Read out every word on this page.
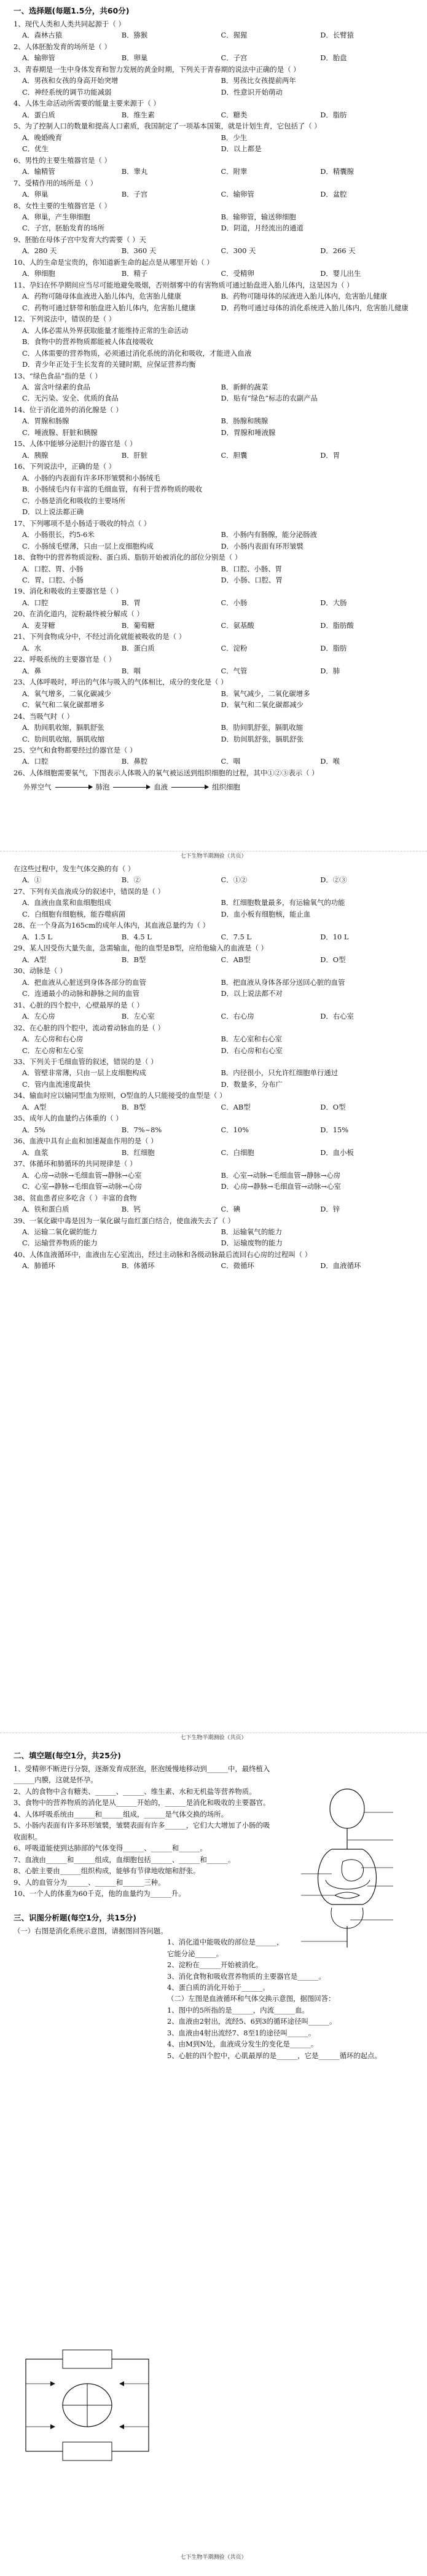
一、选择题(每题1.5分，共60分)
1、现代人类和人类共同起源于（ ）
A．森林古猿	B．猕猴	C．猩猩	D．长臂猿
2、人体胚胎发育的场所是（ ）
A．输卵管	B．卵巢	C．子宫	D．胎盘
3、青春期是一生中身体发育和智力发展的黄金时期，下列关于青春期的说法中正确的是（ ）
A．男孩和女孩的身高开始突增	B．男孩比女孩提前两年
C．神经系统的调节功能减弱	D．性意识开始萌动
4、人体生命活动所需要的能量主要来源于（ ）
A．蛋白质	B．维生素	C．糖类	D．脂肪
5、为了控制人口的数量和提高人口素质，我国制定了一项基本国策，就是计划生育，它包括了（ ）
A．晚婚晚育	B．少生
C．优生	D．以上都是
6、男性的主要生殖器官是（ ）
A．输精管	B．睾丸	C．附睾	D．精囊腺
7、受精作用的场所是（ ）
A．卵巢	B．子宫	C．输卵管	D．盆腔
8、女性主要的生殖器官是（ ）
A．卵巢，产生卵细胞	B．输卵管，输送卵细胞
C．子宫，胚胎发育的场所	D．阴道，月经流出的通道
9、胚胎在母体子宫中发育大约需要（ ）天
A．280 天	B．360 天	C．300 天	D．266 天
10、人的生命是宝贵的，你知道新生命的起点是从哪里开始（ ）
A．卵细胞	B．精子	C．受精卵	D．婴儿出生
11、孕妇在怀孕期间应当尽可能地避免吸烟，否则烟雾中的有害物质可通过胎盘进入胎儿体内，这是因为（ ）
A．药物可随母体血液进入胎儿体内，危害胎儿健康	B．药物可随母体的尿液进入胎儿体内，危害胎儿健康
C．药物可通过脐带和胎盘进入胎儿体内，危害胎儿健康	D．药物可通过母体的消化系统进入胎儿体内，危害胎儿健康
12、下列说法中，错误的是（ ）
A．人体必需从外界获取能量才能维持正常的生命活动
B．食物中的营养物质都能被人体直接吸收
C．人体需要的营养物质，必须通过消化系统的消化和吸收，才能进入血液
D．青少年正处于生长发育的关键时期，应保证营养均衡
13、“绿色食品”指的是（ ）
A．富含叶绿素的食品	B．新鲜的蔬菜
C．无污染、安全、优质的食品	D．贴有“绿色”标志的农副产品
14、位于消化道外的消化腺是（ ）
A．胃腺和肠腺	B．肠腺和胰腺
C．唾液腺、肝脏和胰腺	D．胃腺和唾液腺
15、人体中能够分泌胆汁的器官是（ ）
A．胰腺	B．肝脏	C．胆囊	D．胃
16、下列说法中，正确的是（ ）
A．小肠的内表面有许多环形皱襞和小肠绒毛
B．小肠绒毛内有丰富的毛细血管，有利于营养物质的吸收
C．小肠是消化和吸收的主要场所
D．以上说法都正确
17、下列哪项不是小肠适于吸收的特点（ ）
A．小肠很长，约5-6米	B．小肠内有肠腺，能分泌肠液
C．小肠绒毛壁薄，只由一层上皮细胞构成	D．小肠内表面有环形皱襞
18、食物中的营养物质淀粉、蛋白质、脂肪开始被消化的部位分别是（ ）
A．口腔、胃、小肠	B．口腔、小肠、胃
C．胃、口腔、小肠	D．小肠、口腔、胃
19、消化和吸收的主要器官是（ ）
A．口腔	B．胃	C．小肠	D．大肠
20、在消化道内，淀粉最终被分解成（ ）
A．麦芽糖	B．葡萄糖	C．氨基酸	D．脂肪酸
21、下列食物成分中，不经过消化就能被吸收的是（ ）
A．水	B．蛋白质	C．淀粉	D．脂肪
22、呼吸系统的主要器官是（ ）
A．鼻	B．咽	C．气管	D．肺
23、人体呼吸时，呼出的气体与吸入的气体相比，成分的变化是（ ）
A．氧气增多，二氧化碳减少	B．氧气减少，二氧化碳增多
C．氧气和二氧化碳都增多	D．氧气和二氧化碳都减少
24、当吸气时（ ）
A．肋间肌收缩，膈肌舒张	B．肋间肌舒张，膈肌收缩
C．肋间肌收缩，膈肌收缩	D．肋间肌舒张，膈肌舒张
25、空气和食物都要经过的器官是（ ）
A．口腔	B．鼻腔	C．咽	D．喉
26、人体细胞需要氧气，下图表示人体吸入的氧气被运送到组织细胞的过程，其中①②③表示（ ）
外界空气	肺泡	血液	组织细胞
七下生物半期测验（共页）
在这些过程中，发生气体交换的有（ ）
A．①	B．②	C．①②	D．②③
27、下列有关血液成分的叙述中，错误的是（ ）
A．血液由血浆和血细胞组成	B．红细胞数量最多，有运输氧气的功能
C．白细胞有细胞核，能吞噬病菌	D．血小板有细胞核，能止血
28、在一个身高为165cm的成年人体内，其血液总量约为（ ）
A．1.5 L	B．4.5 L	C．7.5 L	D．10 L
29、某人因受伤大量失血，急需输血，他的血型是B型，应给他输入的血液是（ ）
A．A型	B．B型	C．AB型	D．O型
30、动脉是（ ）
A．把血液从心脏送到身体各部分的血管	B．把血液从身体各部分送回心脏的血管
C．连通最小的动脉和静脉之间的血管	D．以上说法都不对
31、心脏的四个腔中，心壁最厚的是（ ）
A．左心房	B．左心室	C．右心房	D．右心室
32、在心脏的四个腔中，流动着动脉血的是（ ）
A．左心房和右心房	B．左心室和右心室
C．左心房和左心室	D．右心房和右心室
33、下列关于毛细血管的叙述，错误的是（ ）
A．管壁非常薄，只由一层上皮细胞构成	B．内径很小，只允许红细胞单行通过
C．管内血流速度最快	D．数量多，分布广
34、输血时应以输同型血为原则，O型血的人只能接受的血型是（ ）
A．A型	B．B型	C．AB型	D．O型
35、成年人的血量约占体重的（ ）
A．5%	B．7%~8%	C．10%	D．15%
36、血液中具有止血和加速凝血作用的是（ ）
A．血浆	B．红细胞	C．白细胞	D．血小板
37、体循环和肺循环的共同规律是（ ）
A．心房→动脉→毛细血管→静脉→心室	B．心室→动脉→毛细血管→静脉→心房
C．心室→静脉→毛细血管→动脉→心房	D．心房→静脉→毛细血管→动脉→心室
38、贫血患者应多吃含（ ）丰富的食物
A．铁和蛋白质	B．钙	C．碘	D．锌
39、一氧化碳中毒是因为一氧化碳与血红蛋白结合，使血液失去了（ ）
A．运输二氧化碳的能力	B．运输氧气的能力
C．运输营养物质的能力	D．运输废物的能力
40、人体血液循环中，血液由左心室流出，经过主动脉和各级动脉最后流回右心房的过程叫（ ）
A．肺循环	B．体循环	C．微循环	D．血液循环
七下生物半期测验（共页）
二、填空题(每空1分，共25分)
1、受精卵不断进行分裂，逐渐发育成胚泡，胚泡缓慢地移动到______中，最终植入______内膜，这就是怀孕。
2、人的食物中含有糖类、______、______、维生素、水和无机盐等营养物质。
3、食物中的营养物质的消化是从______开始的，______是消化和吸收的主要器官。
4、人体呼吸系统由______和______组成，______是气体交换的场所。
5、小肠内表面有许多环形皱襞，皱襞表面有许多______，它们大大增加了小肠的吸收面积。
6、呼吸道能使到达肺部的气体变得______、______和______。
7、血液由______和______组成，血细胞包括______、______和______。
8、心脏主要由______组织构成，能够有节律地收缩和舒张。
9、人的血管分为______、______和______三种。
10、一个人的体重为60千克，他的血量约为______升。
三、识图分析题(每空1分，共15分)
（一）右图是消化系统示意图，请据图回答问题。
1、消化道中能吸收的部位是______，
它能分泌______。
2、淀粉在______开始被消化。
3、消化食物和吸收营养物质的主要器官是______。
4、蛋白质的消化开始于______。
（二）左图是血液循环和气体交换示意图，据图回答：
1、图中的5所指的是______，内流______血。
2、血液由2射出，流经5、6到3的循环途径叫______。
3、血液由4射出流经7、8至1的途径叫______。
4、由M到N处，血液成分发生的变化是______。
5、心脏的四个腔中，心肌最厚的是______，它是______循环的起点。
七下生物半期测验（共页）
